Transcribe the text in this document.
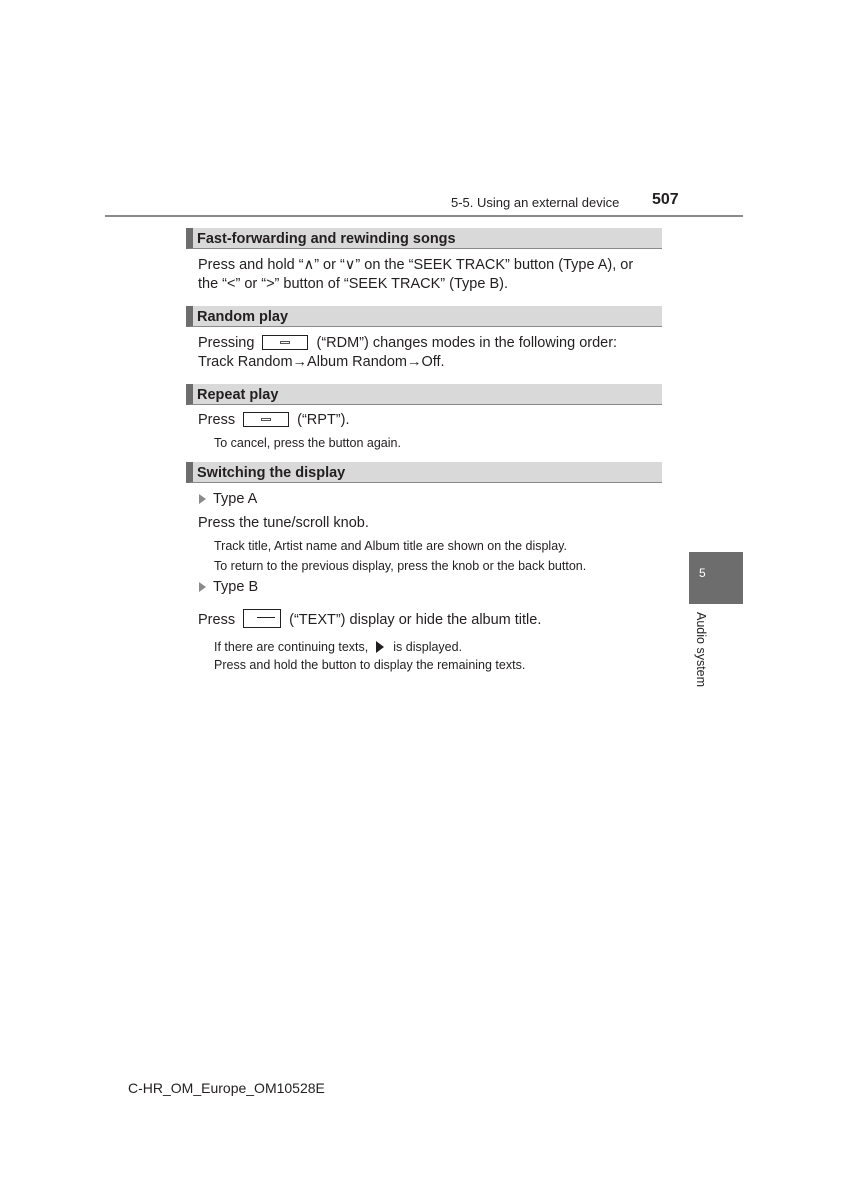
5-5. Using an external device 507
Fast-forwarding and rewinding songs
Press and hold “∧” or “∨” on the “SEEK TRACK” button (Type A), or
the “<” or “>” button of “SEEK TRACK” (Type B).
Random play
Pressing	(“RDM”) changes modes in the following order:
Track Random→Album Random→Off.
Repeat play
Press	(“RPT”).
To cancel, press the button again.
Switching the display
Type A
Press the tune/scroll knob.
Track title, Artist name and Album title are shown on the display.
To return to the previous display, press the knob or the back button.
Type B
Press	(“TEXT”) display or hide the album title.
If there are continuing texts, is displayed.
Press and hold the button to display the remaining texts.
5
Audio system
C-HR_OM_Europe_OM10528E
